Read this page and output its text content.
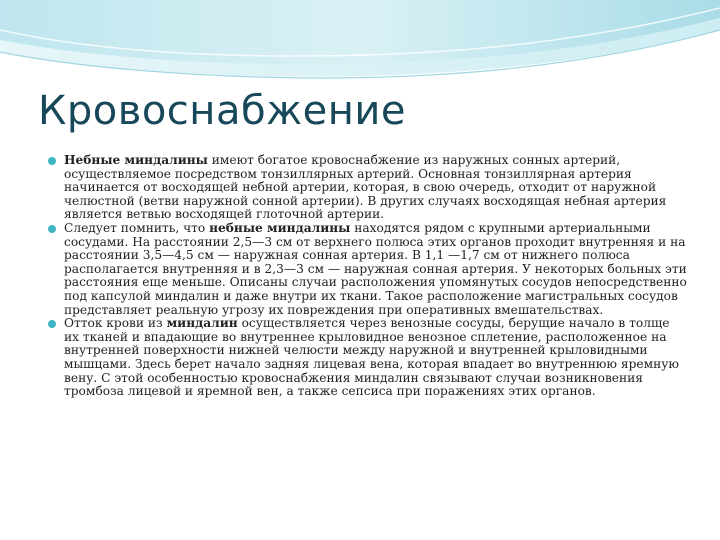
Кровоснабжение
Небные миндалины имеют богатое кровоснабжение из наружных сонных артерий, осуществляемое посредством тонзиллярных артерий. Основная тонзиллярная артерия начинается от восходящей небной артерии, которая, в свою очередь, отходит от наружной челюстной (ветви наружной сонной артерии). В других случаях восходящая небная артерия является ветвью восходящей глоточной артерии.
Следует помнить, что небные миндалины находятся рядом с крупными артериальными сосудами. На расстоянии 2,5—3 см от верхнего полюса этих органов проходит внутренняя и на расстоянии 3,5—4,5 см — наружная сонная артерия. В 1,1 —1,7 см от нижнего полюса располагается внутренняя и в 2,3—3 см — наружная сонная артерия. У некоторых больных эти расстояния еще меньше. Описаны случаи расположения упомянутых сосудов непосредственно под капсулой миндалин и даже внутри их ткани. Такое расположение магистральных сосудов представляет реальную угрозу их повреждения при оперативных вмешательствах.
Отток крови из миндалин осуществляется через венозные сосуды, берущие начало в толще их тканей и впадающие во внутреннее крыловидное венозное сплетение, расположенное на внутренней поверхности нижней челюсти между наружной и внутренней крыловидными мышцами. Здесь берет начало задняя лицевая вена, которая впадает во внутреннюю яремную вену. С этой особенностью кровоснабжения миндалин связывают случаи возникновения тромбоза лицевой и яремной вен, а также сепсиса при поражениях этих органов.
